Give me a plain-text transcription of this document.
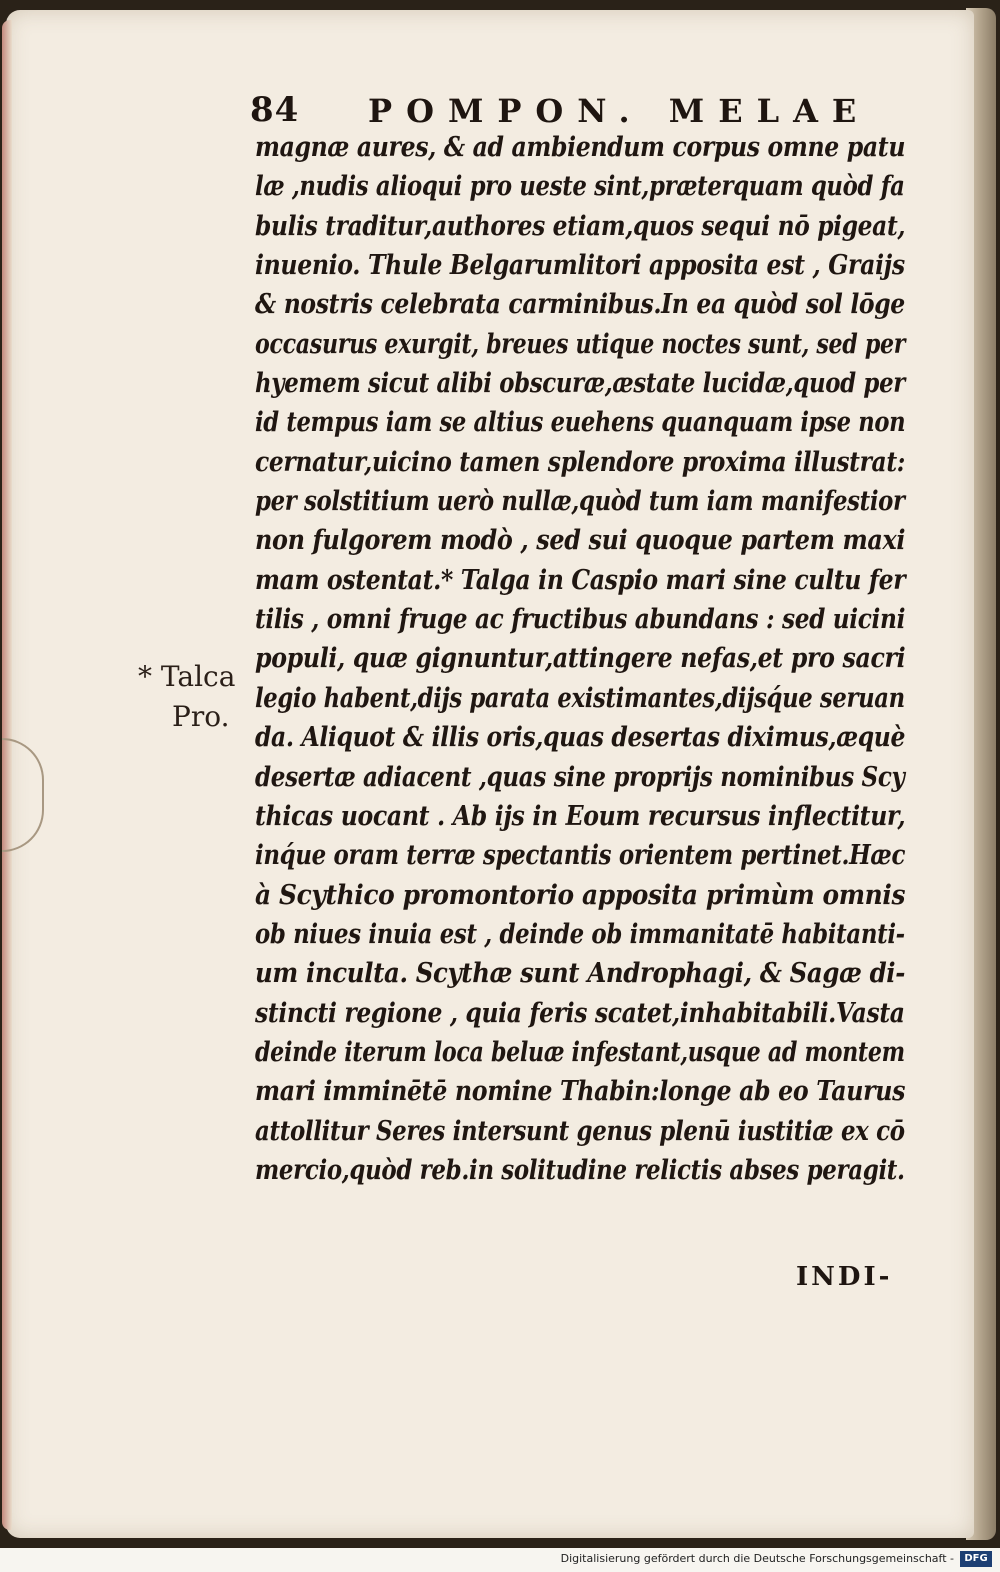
84 POMPON. MELAE
magnæ aures, & ad ambiendum corpus omne patu
læ ,nudis alioqui pro ueste sint,præterquam quòd fa
bulis traditur,authores etiam,quos sequi nō pigeat,
inuenio. Thule Belgarumlitori apposita est , Graijs
& nostris celebrata carminibus.In ea quòd sol lōge
occasurus exurgit, breues utique noctes sunt, sed per
hyemem sicut alibi obscuræ,æstate lucidæ,quod per
id tempus iam se altius euehens quanquam ipse non
cernatur,uicino tamen splendore proxima illustrat:
per solstitium uerò nullæ,quòd tum iam manifestior
non fulgorem modò , sed sui quoque partem maxi
mam ostentat.* Talga in Caspio mari sine cultu fer
tilis , omni fruge ac fructibus abundans : sed uicini
populi, quæ gignuntur,attingere nefas,et pro sacri
legio habent,dijs parata existimantes,dijsq́ue seruan
da. Aliquot & illis oris,quas desertas diximus,æquè
desertæ adiacent ,quas sine proprijs nominibus Scy
thicas uocant . Ab ijs in Eoum recursus inflectitur,
inq́ue oram terræ spectantis orientem pertinet.Hæc
à Scythico promontorio apposita primùm omnis
ob niues inuia est , deinde ob immanitatē habitanti-
um inculta. Scythæ sunt Androphagi, & Sagæ di-
stincti regione , quia feris scatet,inhabitabili.Vasta
deinde iterum loca beluæ infestant,usque ad montem
mari imminētē nomine Thabin:longe ab eo Taurus
attollitur Seres intersunt genus plenū iustitiæ ex cō
mercio,quòd reb.in solitudine relictis abses peragit.
INDI-
* Talca
Pro.
Digitalisierung gefördert durch die Deutsche Forschungsgemeinschaft -	DFG
